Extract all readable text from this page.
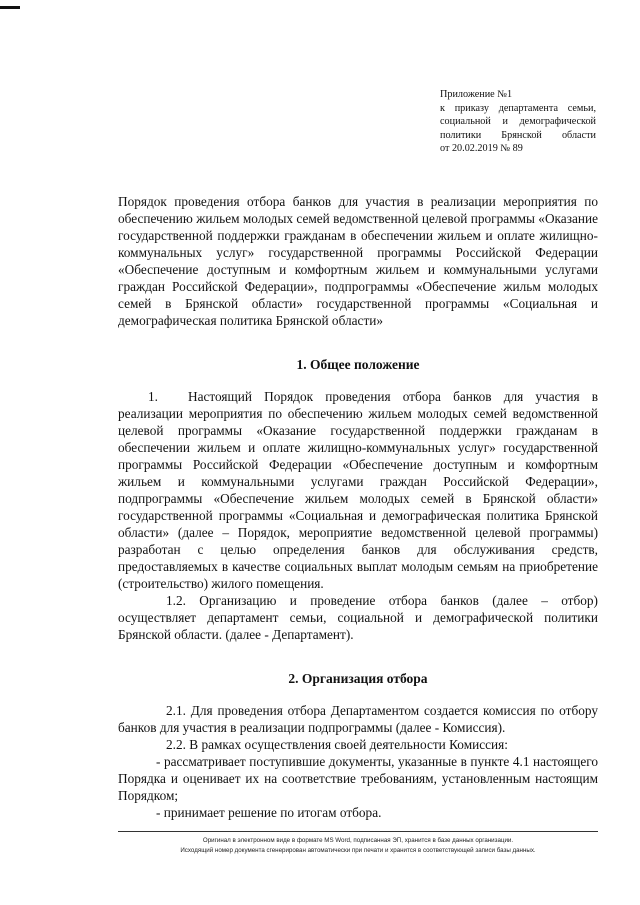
Приложение №1
к приказу департамента семьи,
социальной и демографической
политики Брянской области
от 20.02.2019 № 89

Порядок проведения отбора банков для участия в реализации мероприятия по обеспечению жильем молодых семей ведомственной целевой программы «Оказание государственной поддержки гражданам в обеспечении жильем и оплате жилищно-коммунальных услуг» государственной программы Российской Федерации «Обеспечение доступным и комфортным жильем и коммунальными услугами граждан Российской Федерации», подпрограммы «Обеспечение жильм молодых семей в Брянской области» государственной программы «Социальная и демографическая политика Брянской области»

1. Общее положение

1. Настоящий Порядок проведения отбора банков для участия в реализации мероприятия по обеспечению жильем молодых семей ведомственной целевой программы «Оказание государственной поддержки гражданам в обеспечении жильем и оплате жилищно-коммунальных услуг» государственной программы Российской Федерации «Обеспечение доступным и комфортным жильем и коммунальными услугами граждан Российской Федерации», подпрограммы «Обеспечение жильем молодых семей в Брянской области» государственной программы «Социальная и демографическая политика Брянской области» (далее – Порядок, мероприятие ведомственной целевой программы) разработан с целью определения банков для обслуживания средств, предоставляемых в качестве социальных выплат молодым семьям на приобретение (строительство) жилого помещения.

1.2. Организацию и проведение отбора банков (далее – отбор) осуществляет департамент семьи, социальной и демографической политики Брянской области. (далее - Департамент).

2. Организация отбора

2.1. Для проведения отбора Департаментом создается комиссия по отбору банков для участия в реализации подпрограммы (далее - Комиссия).

2.2. В рамках осуществления своей деятельности Комиссия:

- рассматривает поступившие документы, указанные в пункте 4.1 настоящего Порядка и оценивает их на соответствие требованиям, установленным настоящим Порядком;

- принимает решение по итогам отбора.

Оригинал в электронном виде в формате MS Word, подписанная ЭП, хранится в базе данных организации.
Исходящий номер документа сгенерирован автоматически при печати и хранится в соответствующей записи базы данных.
